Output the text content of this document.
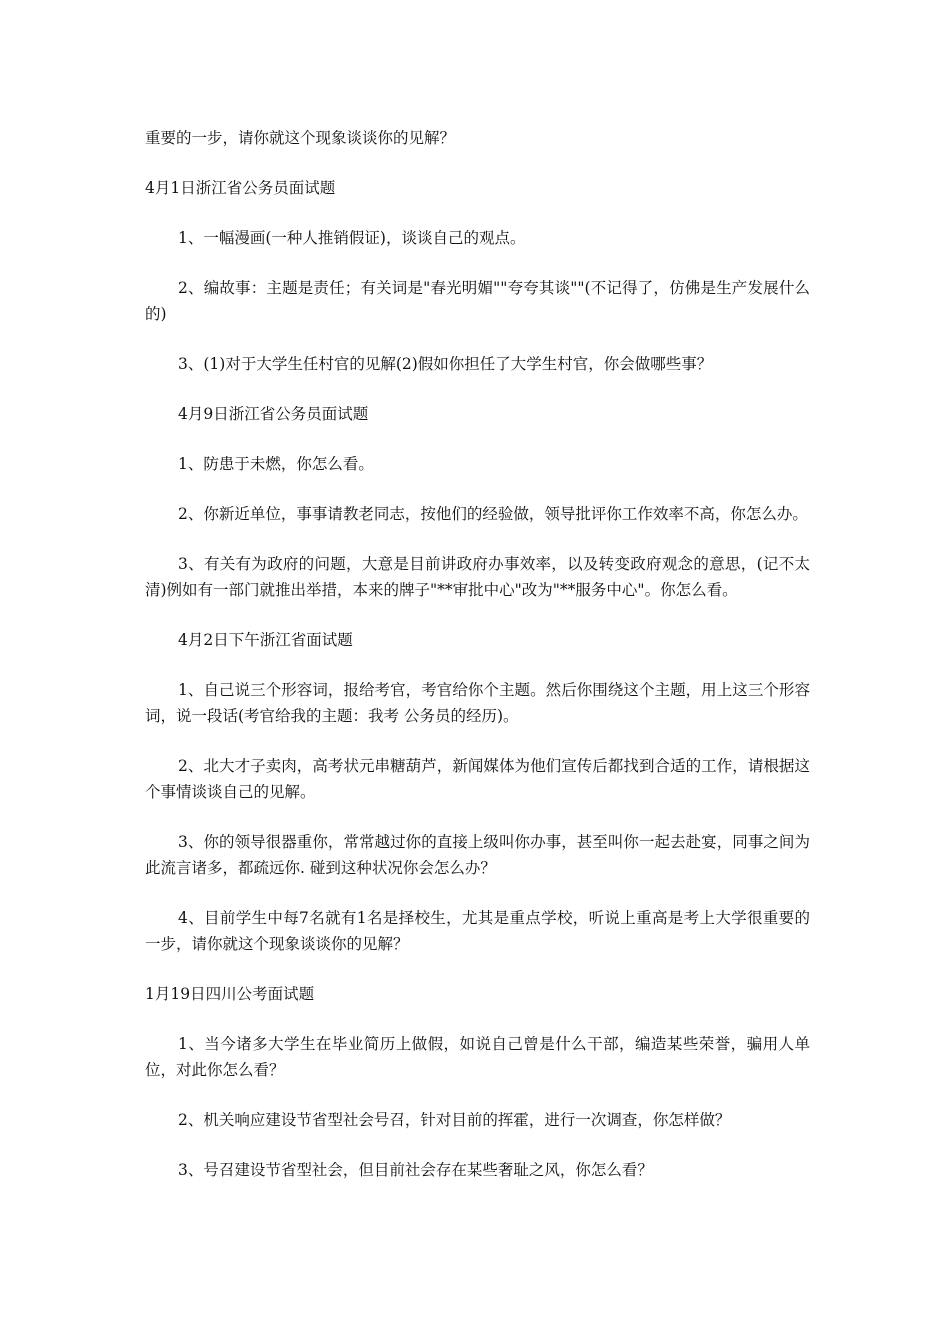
重要的一步，请你就这个现象谈谈你的见解？

4月1日浙江省公务员面试题

1、一幅漫画(一种人推销假证)，谈谈自己的观点。

2、编故事：主题是责任；有关词是"春光明媚""夸夸其谈""(不记得了，仿佛是生产发展什么的)

3、(1)对于大学生任村官的见解(2)假如你担任了大学生村官，你会做哪些事？

4月9日浙江省公务员面试题

1、防患于未燃，你怎么看。

2、你新近单位，事事请教老同志，按他们的经验做，领导批评你工作效率不高，你怎么办。

3、有关有为政府的问题，大意是目前讲政府办事效率，以及转变政府观念的意思，(记不太清)例如有一部门就推出举措，本来的牌子"**审批中心"改为"**服务中心"。你怎么看。

4月2日下午浙江省面试题

1、自己说三个形容词，报给考官，考官给你个主题。然后你围绕这个主题，用上这三个形容词，说一段话(考官给我的主题：我考 公务员的经历)。

2、北大才子卖肉，高考状元串糖葫芦，新闻媒体为他们宣传后都找到合适的工作，请根据这个事情谈谈自己的见解。

3、你的领导很器重你，常常越过你的直接上级叫你办事，甚至叫你一起去赴宴，同事之间为此流言诸多，都疏远你. 碰到这种状况你会怎么办？

4、目前学生中每7名就有1名是择校生，尤其是重点学校，听说上重高是考上大学很重要的一步，请你就这个现象谈谈你的见解？

1月19日四川公考面试题

1、当今诸多大学生在毕业简历上做假，如说自己曾是什么干部，编造某些荣誉，骗用人单位，对此你怎么看？

2、机关响应建设节省型社会号召，针对目前的挥霍，进行一次调查，你怎样做？

3、号召建设节省型社会，但目前社会存在某些奢耻之风，你怎么看？
